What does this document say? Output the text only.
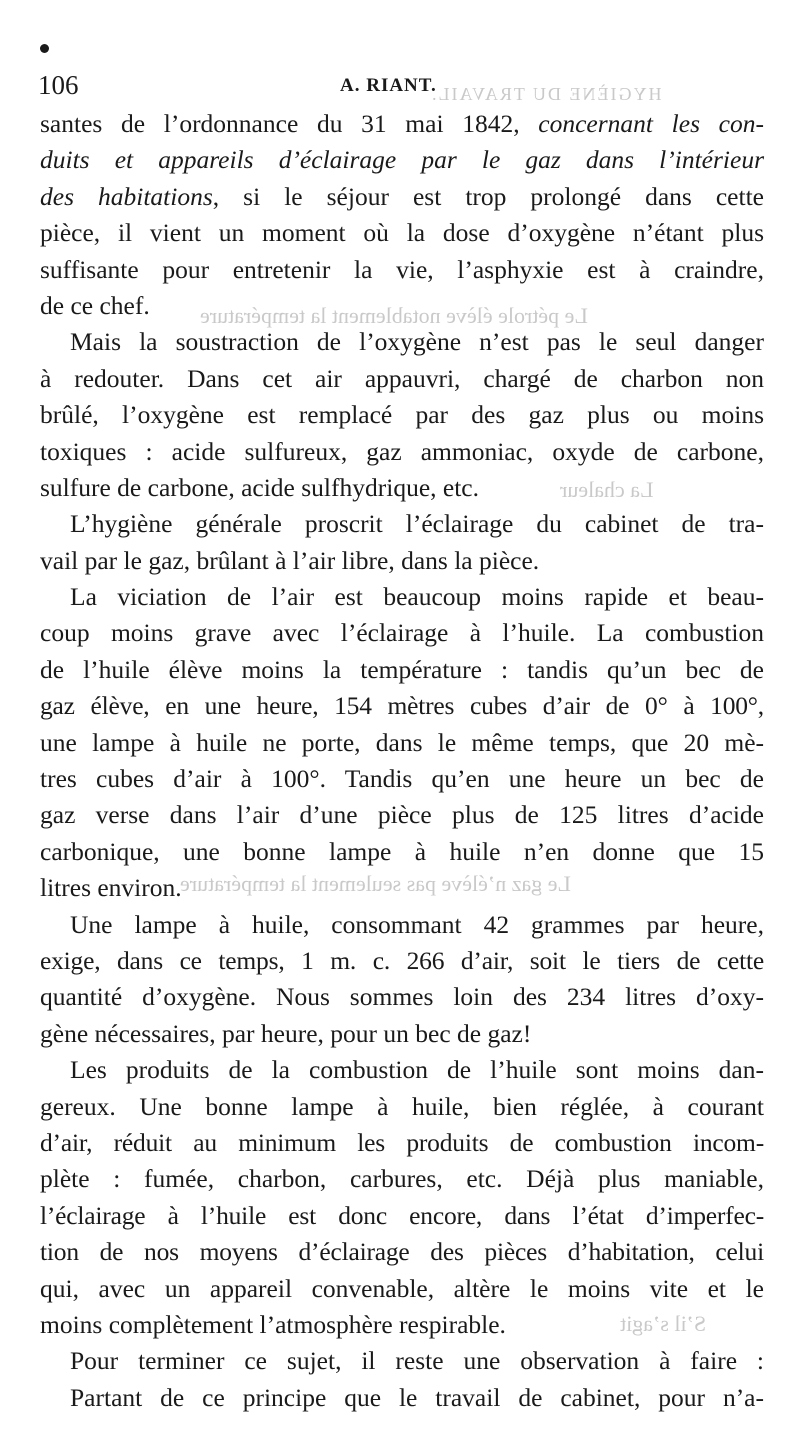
HYGIÈNE DU TRAVAIL.
Le pétrole élève notablement la température
La chaleur
Le gaz n’élève pas seulement la température
S’il s’agit
106	A. RIANT.
santes de l’ordonnance du 31 mai 1842, concernant les con-
duits et appareils d’éclairage par le gaz dans l’intérieur
des habitations, si le séjour est trop prolongé dans cette
pièce, il vient un moment où la dose d’oxygène n’étant plus
suffisante pour entretenir la vie, l’asphyxie est à craindre,
de ce chef.
Mais la soustraction de l’oxygène n’est pas le seul danger
à redouter. Dans cet air appauvri, chargé de charbon non
brûlé, l’oxygène est remplacé par des gaz plus ou moins
toxiques : acide sulfureux, gaz ammoniac, oxyde de carbone,
sulfure de carbone, acide sulfhydrique, etc.
L’hygiène générale proscrit l’éclairage du cabinet de tra-
vail par le gaz, brûlant à l’air libre, dans la pièce.
La viciation de l’air est beaucoup moins rapide et beau-
coup moins grave avec l’éclairage à l’huile. La combustion
de l’huile élève moins la température : tandis qu’un bec de
gaz élève, en une heure, 154 mètres cubes d’air de 0° à 100°,
une lampe à huile ne porte, dans le même temps, que 20 mè-
tres cubes d’air à 100°. Tandis qu’en une heure un bec de
gaz verse dans l’air d’une pièce plus de 125 litres d’acide
carbonique, une bonne lampe à huile n’en donne que 15
litres environ.
Une lampe à huile, consommant 42 grammes par heure,
exige, dans ce temps, 1 m. c. 266 d’air, soit le tiers de cette
quantité d’oxygène. Nous sommes loin des 234 litres d’oxy-
gène nécessaires, par heure, pour un bec de gaz!
Les produits de la combustion de l’huile sont moins dan-
gereux. Une bonne lampe à huile, bien réglée, à courant
d’air, réduit au minimum les produits de combustion incom-
plète : fumée, charbon, carbures, etc. Déjà plus maniable,
l’éclairage à l’huile est donc encore, dans l’état d’imperfec-
tion de nos moyens d’éclairage des pièces d’habitation, celui
qui, avec un appareil convenable, altère le moins vite et le
moins complètement l’atmosphère respirable.
Pour terminer ce sujet, il reste une observation à faire :
Partant de ce principe que le travail de cabinet, pour n’a-
